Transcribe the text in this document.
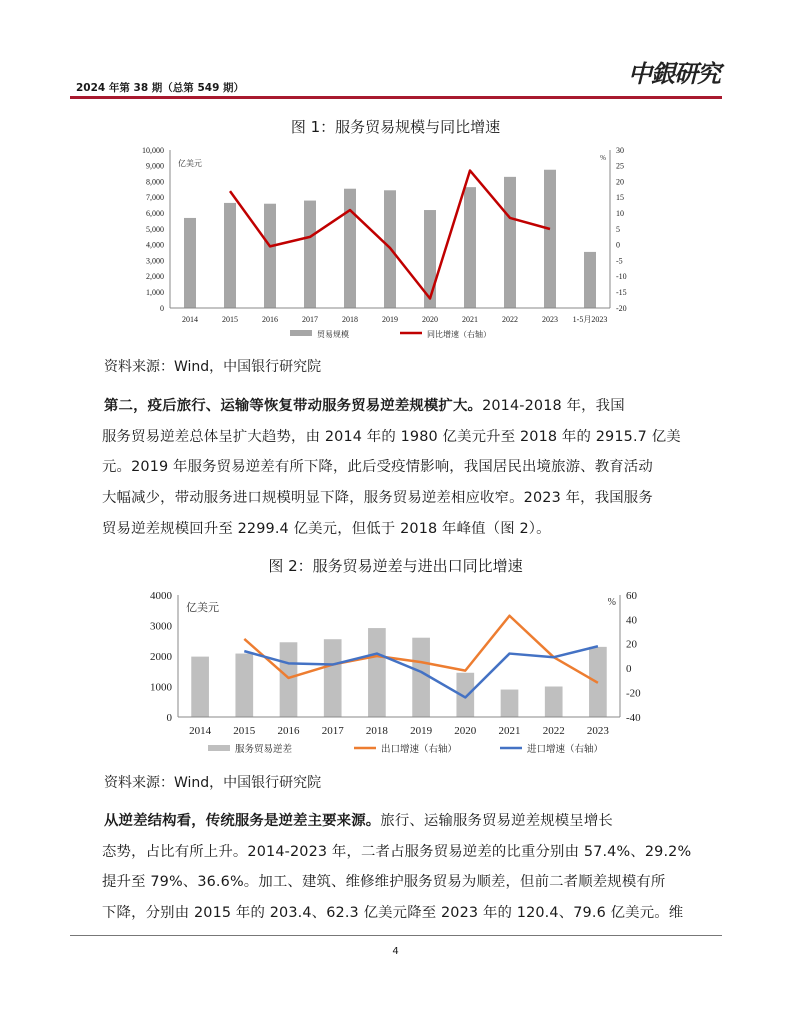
2024 年第 38 期（总第 549 期）	中銀研究
图 1：服务贸易规模与同比增速
亿美元
%
0
1,000
2,000
3,000
4,000
5,000
6,000
7,000
8,000
9,000
10,000
-20
-15
-10
-5
0
5
10
15
20
25
30
2014	2015	2016	2017	2018	2019	2020	2021	2022	2023 1-5月2023
贸易规模	同比增速（右轴）
资料来源：Wind，中国银行研究院
第二，疫后旅行、运输等恢复带动服务贸易逆差规模扩大。2014-2018 年，我国
服务贸易逆差总体呈扩大趋势，由 2014 年的 1980 亿美元升至 2018 年的 2915.7 亿美
元。2019 年服务贸易逆差有所下降，此后受疫情影响，我国居民出境旅游、教育活动
大幅减少，带动服务进口规模明显下降，服务贸易逆差相应收窄。2023 年，我国服务
贸易逆差规模回升至 2299.4 亿美元，但低于 2018 年峰值（图 2）。
图 2：服务贸易逆差与进出口同比增速
亿美元	%
0
1000
2000
3000
4000
-40
-20
0
20
40
60
2014 2015 2016 2017 2018 2019 2020 2021 2022 2023
服务贸易逆差	出口增速（右轴）	进口增速（右轴）
资料来源：Wind，中国银行研究院
从逆差结构看，传统服务是逆差主要来源。旅行、运输服务贸易逆差规模呈增长
态势，占比有所上升。2014-2023 年，二者占服务贸易逆差的比重分别由 57.4%、29.2%
提升至 79%、36.6%。加工、建筑、维修维护服务贸易为顺差，但前二者顺差规模有所
下降，分别由 2015 年的 203.4、62.3 亿美元降至 2023 年的 120.4、79.6 亿美元。维
4
